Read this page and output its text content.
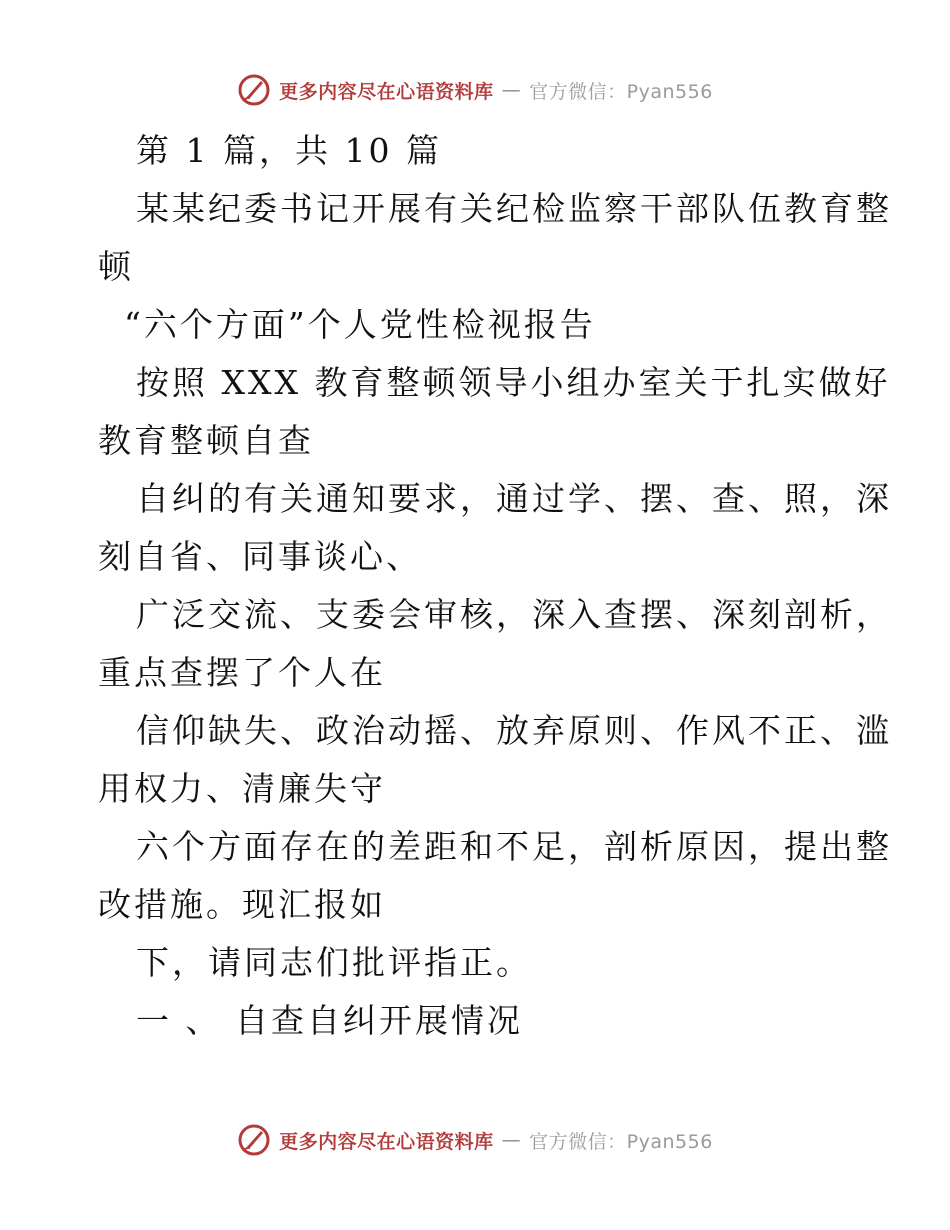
更多内容尽在心语资料库 — 官方微信：Pyan556
第 1 篇，共 10 篇
某某纪委书记开展有关纪检监察干部队伍教育整
顿
“六个方面”个人党性检视报告
按照 XXX 教育整顿领导小组办室关于扎实做好
教育整顿自查
自纠的有关通知要求，通过学、摆、查、照，深
刻自省、同事谈心、
广泛交流、支委会审核，深入查摆、深刻剖析，
重点查摆了个人在
信仰缺失、政治动摇、放弃原则、作风不正、滥
用权力、清廉失守
六个方面存在的差距和不足，剖析原因，提出整
改措施。现汇报如
下，请同志们批评指正。
一 、 自查自纠开展情况
更多内容尽在心语资料库 — 官方微信：Pyan556
